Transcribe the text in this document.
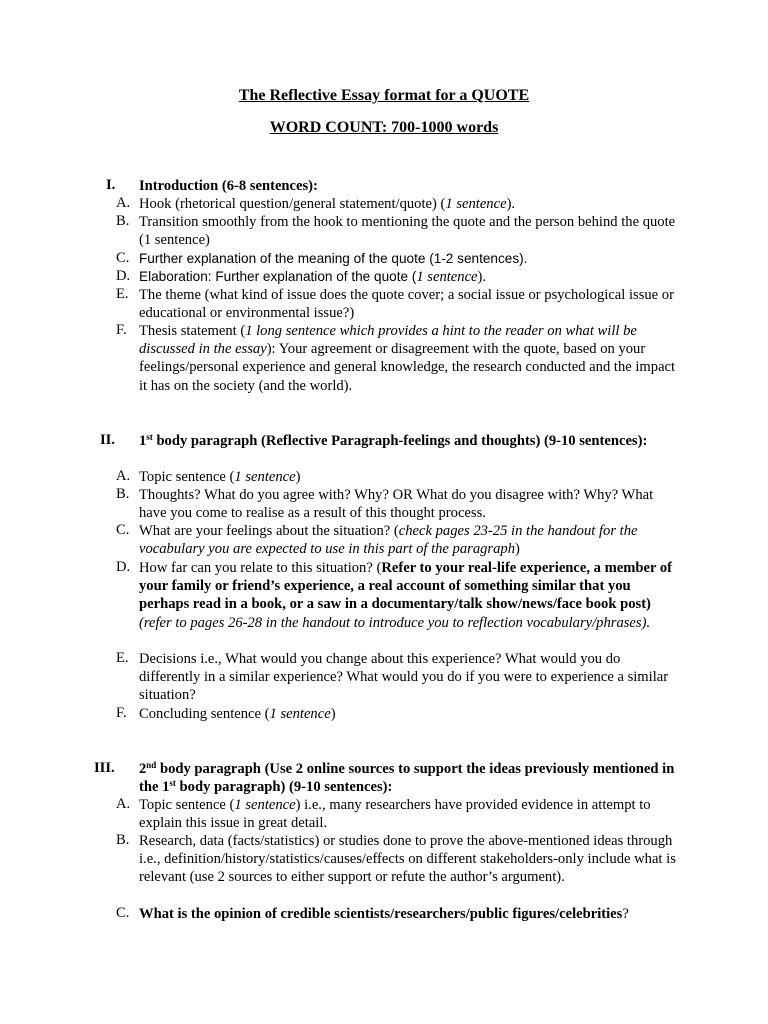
The Reflective Essay format for a QUOTE
WORD COUNT: 700-1000 words
I. Introduction (6-8 sentences):
A. Hook (rhetorical question/general statement/quote) (1 sentence).
B. Transition smoothly from the hook to mentioning the quote and the person behind the quote (1 sentence)
C. Further explanation of the meaning of the quote (1-2 sentences).
D. Elaboration: Further explanation of the quote (1 sentence).
E. The theme (what kind of issue does the quote cover; a social issue or psychological issue or educational or environmental issue?)
F. Thesis statement (1 long sentence which provides a hint to the reader on what will be discussed in the essay): Your agreement or disagreement with the quote, based on your feelings/personal experience and general knowledge, the research conducted and the impact it has on the society (and the world).
II. 1st body paragraph (Reflective Paragraph-feelings and thoughts) (9-10 sentences):
A. Topic sentence (1 sentence)
B. Thoughts? What do you agree with? Why? OR What do you disagree with? Why? What have you come to realise as a result of this thought process.
C. What are your feelings about the situation? (check pages 23-25 in the handout for the vocabulary you are expected to use in this part of the paragraph)
D. How far can you relate to this situation? (Refer to your real-life experience, a member of your family or friend’s experience, a real account of something similar that you perhaps read in a book, or a saw in a documentary/talk show/news/face book post) (refer to pages 26-28 in the handout to introduce you to reflection vocabulary/phrases).
E. Decisions i.e., What would you change about this experience? What would you do differently in a similar experience? What would you do if you were to experience a similar situation?
F. Concluding sentence (1 sentence)
III. 2nd body paragraph (Use 2 online sources to support the ideas previously mentioned in the 1st body paragraph) (9-10 sentences):
A. Topic sentence (1 sentence) i.e., many researchers have provided evidence in attempt to explain this issue in great detail.
B. Research, data (facts/statistics) or studies done to prove the above-mentioned ideas through i.e., definition/history/statistics/causes/effects on different stakeholders-only include what is relevant (use 2 sources to either support or refute the author’s argument).
C. What is the opinion of credible scientists/researchers/public figures/celebrities?
